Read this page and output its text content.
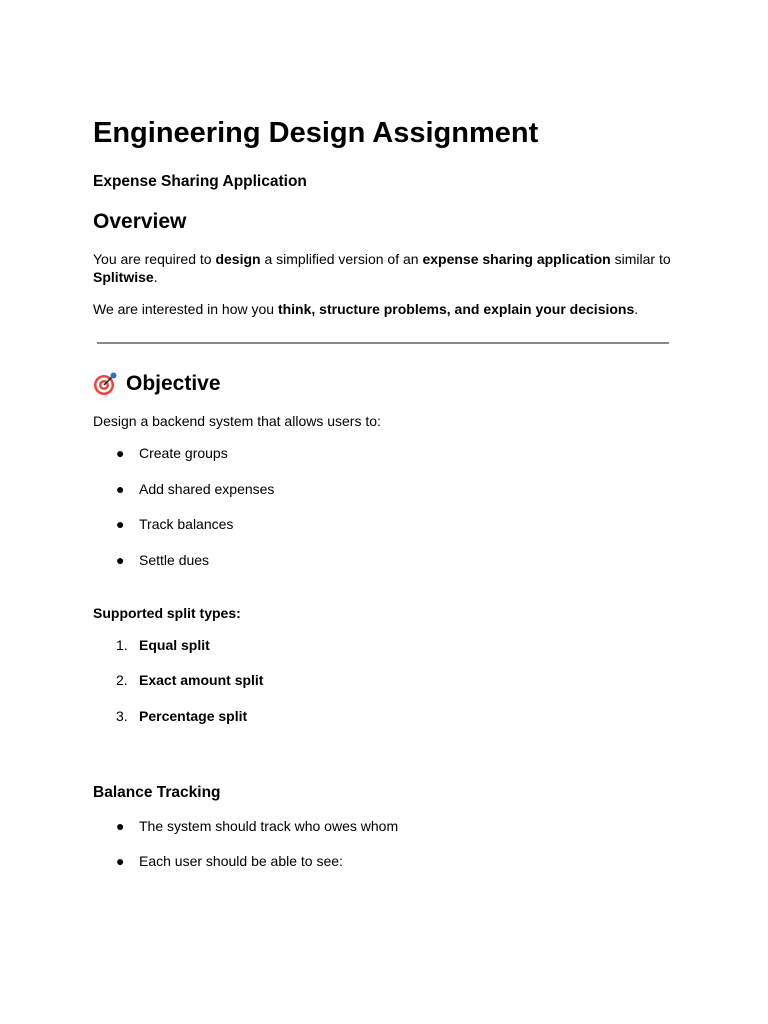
Engineering Design Assignment
Expense Sharing Application
Overview

You are required to design a simplified version of an expense sharing application similar to Splitwise.

We are interested in how you think, structure problems, and explain your decisions.

Objective

Design a backend system that allows users to:

● Create groups
● Add shared expenses
● Track balances
● Settle dues
Supported split types:
1. Equal split
2. Exact amount split
3. Percentage split
Balance Tracking
● The system should track who owes whom
● Each user should be able to see:
